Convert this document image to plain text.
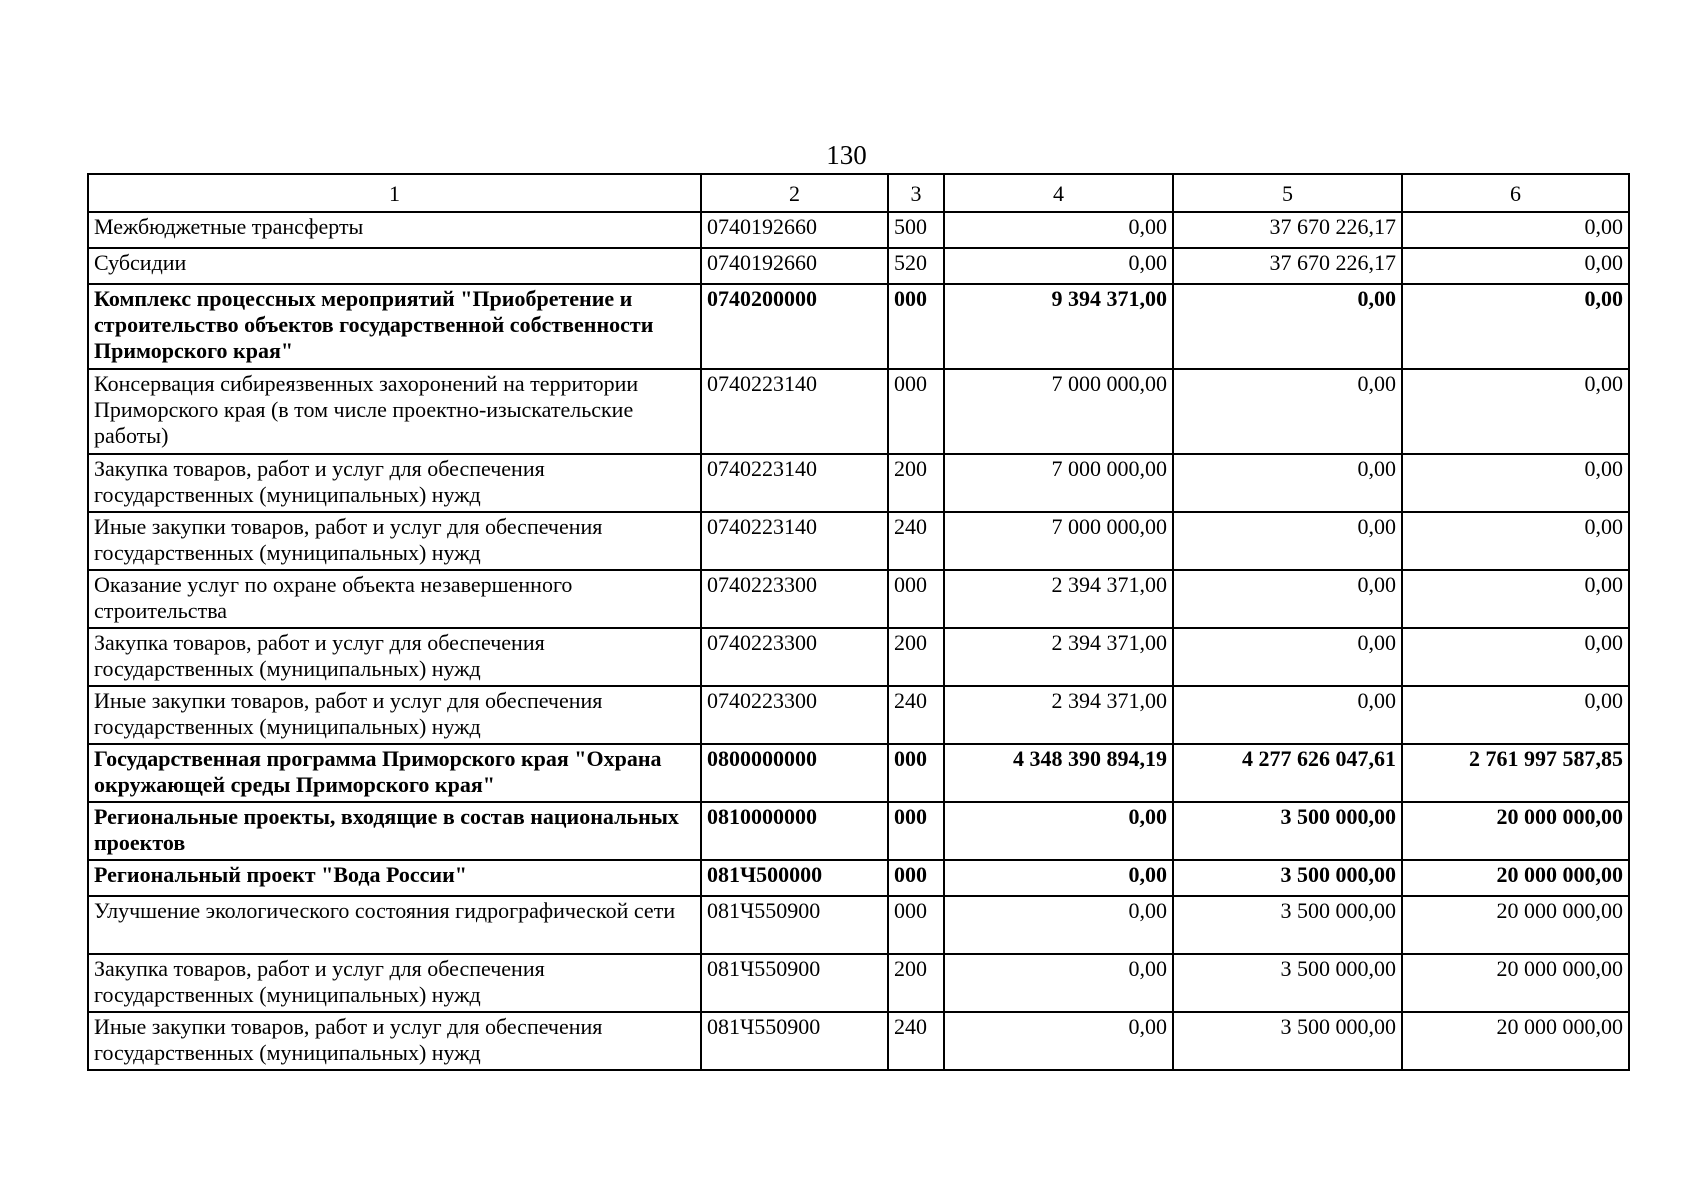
130
1	2	3	4	5	6
Межбюджетные трансферты	0740192660	500	0,00	37 670 226,17	0,00
Субсидии	0740192660	520	0,00	37 670 226,17	0,00
Комплекс процессных мероприятий "Приобретение и строительство объектов государственной собственности Приморского края"	0740200000	000	9 394 371,00	0,00	0,00
Консервация сибиреязвенных захоронений на территории Приморского края (в том числе проектно-изыскательские работы)	0740223140	000	7 000 000,00	0,00	0,00
Закупка товаров, работ и услуг для обеспечения государственных (муниципальных) нужд	0740223140	200	7 000 000,00	0,00	0,00
Иные закупки товаров, работ и услуг для обеспечения государственных (муниципальных) нужд	0740223140	240	7 000 000,00	0,00	0,00
Оказание услуг по охране объекта незавершенного строительства	0740223300	000	2 394 371,00	0,00	0,00
Закупка товаров, работ и услуг для обеспечения государственных (муниципальных) нужд	0740223300	200	2 394 371,00	0,00	0,00
Иные закупки товаров, работ и услуг для обеспечения государственных (муниципальных) нужд	0740223300	240	2 394 371,00	0,00	0,00
Государственная программа Приморского края "Охрана окружающей среды Приморского края"	0800000000	000	4 348 390 894,19	4 277 626 047,61	2 761 997 587,85
Региональные проекты, входящие в состав национальных проектов	0810000000	000	0,00	3 500 000,00	20 000 000,00
Региональный проект "Вода России"	081Ч500000	000	0,00	3 500 000,00	20 000 000,00
Улучшение экологического состояния гидрографической сети	081Ч550900	000	0,00	3 500 000,00	20 000 000,00
Закупка товаров, работ и услуг для обеспечения государственных (муниципальных) нужд	081Ч550900	200	0,00	3 500 000,00	20 000 000,00
Иные закупки товаров, работ и услуг для обеспечения государственных (муниципальных) нужд	081Ч550900	240	0,00	3 500 000,00	20 000 000,00
